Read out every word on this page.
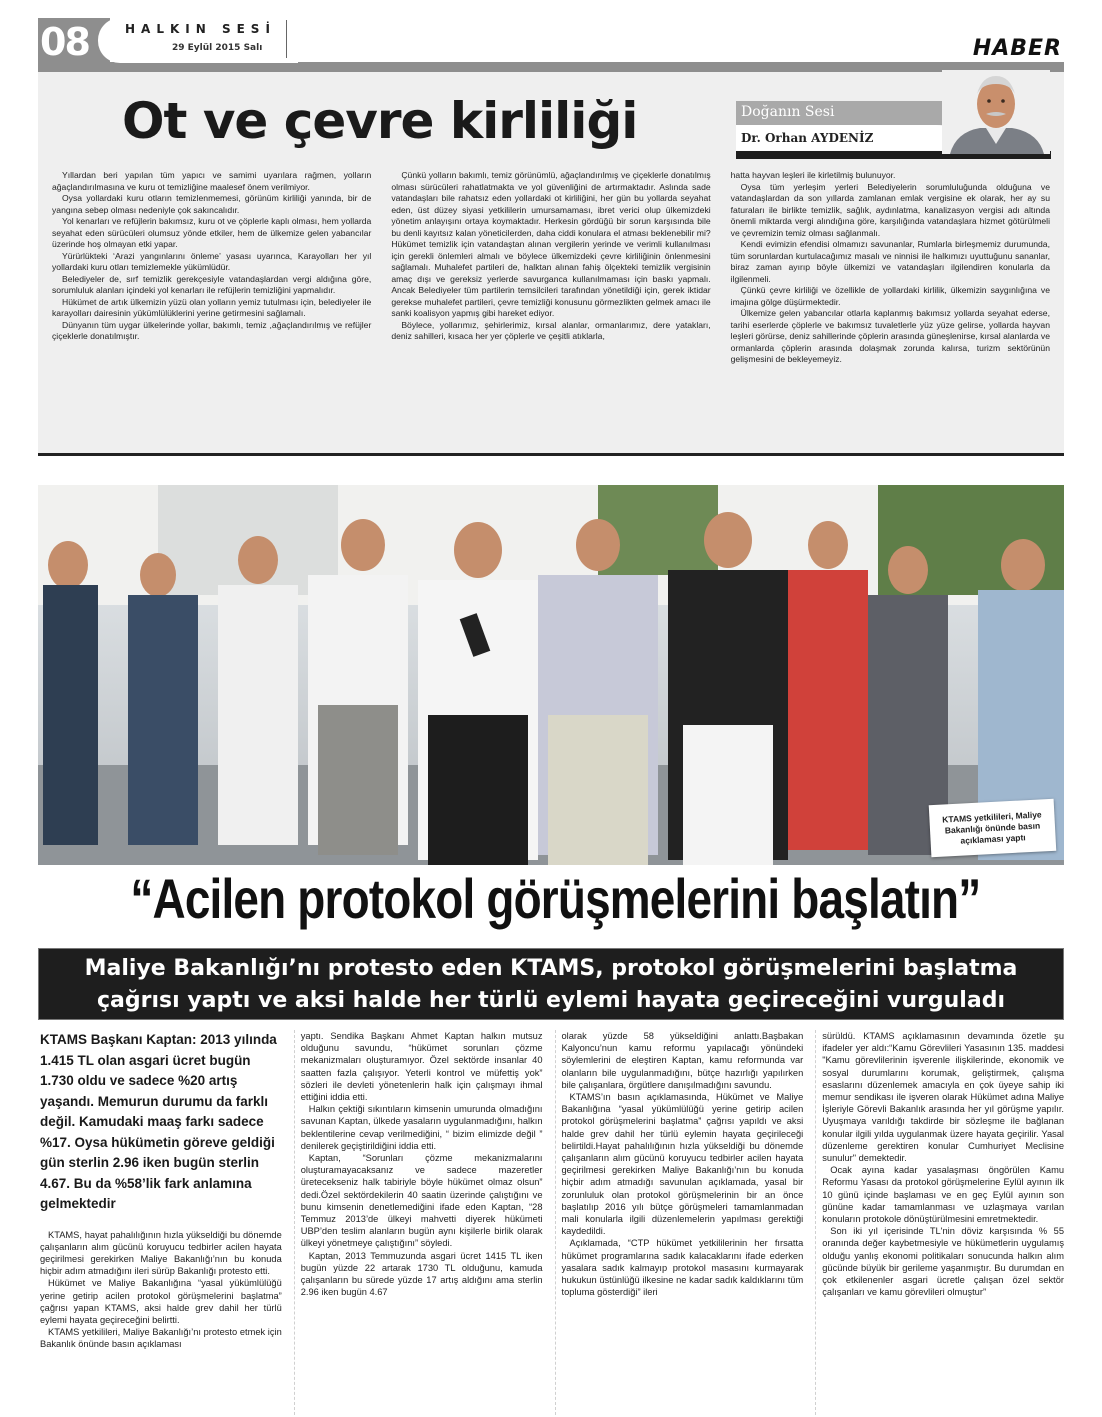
08	HALKIN SESİ
29 Eylül 2015 Salı	HABER
Ot ve çevre kirliliği	Doğanın Sesi
Dr. Orhan AYDENİZ

Yıllardan beri yapılan tüm yapıcı ve samimi uyarılara rağmen, yolların ağaçlandırılmasına ve kuru ot temizliğine maalesef önem verilmiyor.

Oysa yollardaki kuru otların temizlenmemesi, görünüm kirliliği yanında, bir de yangına sebep olması nedeniyle çok sakıncalıdır.

Yol kenarları ve refüjlerin bakımsız, kuru ot ve çöplerle kaplı olması, hem yollarda seyahat eden sürücüleri olumsuz yönde etkiler, hem de ülkemize gelen yabancılar üzerinde hoş olmayan etki yapar.

Yürürlükteki ‘Arazi yangınlarını önleme’ yasası uyarınca, Karayolları her yıl yollardaki kuru otları temizlemekle yükümlüdür.

Belediyeler de, sırf temizlik gerekçesiyle vatandaşlardan vergi aldığına göre, sorumluluk alanları içindeki yol kenarları ile refüjlerin temizliğini yapmalıdır.

Hükümet de artık ülkemizin yüzü olan yolların yemiz tutulması için, belediyeler ile karayolları dairesinin yükümlülüklerini yerine getirmesini sağlamalı.

Dünyanın tüm uygar ülkelerinde yollar, bakımlı, temiz ,ağaçlandırılmış ve refüjler çiçeklerle donatılmıştır.

Çünkü yolların bakımlı, temiz görünümlü, ağaçlandırılmış ve çiçeklerle donatılmış olması sürücüleri rahatlatmakta ve yol güvenliğini de artırmaktadır. Aslında sade vatandaşları bile rahatsız eden yollardaki ot kirliliğini, her gün bu yollarda seyahat eden, üst düzey siyasi yetkililerin umursamaması, ibret verici olup ülkemizdeki yönetim anlayışını ortaya koymaktadır. Herkesin gördüğü bir sorun karşısında bile bu denli kayıtsız kalan yöneticilerden, daha ciddi konulara el atması beklenebilir mi? Hükümet temizlik için vatandaştan alınan vergilerin yerinde ve verimli kullanılması için gerekli önlemleri almalı ve böylece ülkemizdeki çevre kirliliğinin önlenmesini sağlamalı. Muhalefet partileri de, halktan alınan fahiş ölçekteki temizlik vergisinin amaç dışı ve gereksiz yerlerde savurganca kullanılmaması için baskı yapmalı. Ancak Belediyeler tüm partilerin temsilcileri tarafından yönetildiği için, gerek iktidar gerekse muhalefet partileri, çevre temizliği konusunu görmezlikten gelmek amacı ile sanki koalisyon yapmış gibi hareket ediyor.

Böylece, yollarımız, şehirlerimiz, kırsal alanlar, ormanlarımız, dere yatakları, deniz sahilleri, kısaca her yer çöplerle ve çeşitli atıklarla,

hatta hayvan leşleri ile kirletilmiş bulunuyor.

Oysa tüm yerleşim yerleri Belediyelerin sorumluluğunda olduğuna ve vatandaşlardan da son yıllarda zamlanan emlak vergisine ek olarak, her ay su faturaları ile birlikte temizlik, sağlık, aydınlatma, kanalizasyon vergisi adı altında önemli miktarda vergi alındığına göre, karşılığında vatandaşlara hizmet götürülmeli ve çevremizin temiz olması sağlanmalı.

Kendi evimizin efendisi olmamızı savunanlar, Rumlarla birleşmemiz durumunda, tüm sorunlardan kurtulacağımız masalı ve ninnisi ile halkımızı uyuttuğunu sananlar, biraz zaman ayırıp böyle ülkemizi ve vatandaşları ilgilendiren konularla da ilgilenmeli.

Çünkü çevre kirliliği ve özellikle de yollardaki kirlilik, ülkemizin saygınlığına ve imajına gölge düşürmektedir.

Ülkemize gelen yabancılar otlarla kaplanmış bakımsız yollarda seyahat ederse, tarihi eserlerde çöplerle ve bakımsız tuvaletlerle yüz yüze gelirse, yollarda hayvan leşleri görürse, deniz sahillerinde çöplerin arasında güneşlenirse, kırsal alanlarda ve ormanlarda çöplerin arasında dolaşmak zorunda kalırsa, turizm sektörünün gelişmesini de bekleyemeyiz.

KTAMS yetkilileri, Maliye Bakanlığı önünde basın açıklaması yaptı
“Acilen protokol görüşmelerini başlatın”
Maliye Bakanlığı’nı protesto eden KTAMS, protokol görüşmelerini başlatma
çağrısı yaptı ve aksi halde her türlü eylemi hayata geçireceğini vurguladı
KTAMS Başkanı Kaptan: 2013 yılında 1.415 TL olan asgari ücret bugün 1.730 oldu ve sadece %20 artış yaşandı. Memurun durumu da farklı değil. Kamudaki maaş farkı sadece %17. Oysa hükümetin göreve geldiği gün sterlin 2.96 iken bugün sterlin 4.67. Bu da %58’lik fark anlamına gelmektedir

KTAMS, hayat pahalılığının hızla yükseldiği bu dönemde çalışanların alım gücünü koruyucu tedbirler acilen hayata geçirilmesi gerekirken Maliye Bakanlığı’nın bu konuda hiçbir adım atmadığını ileri sürüp Bakanlığı protesto etti.

Hükümet ve Maliye Bakanlığına “yasal yükümlülüğü yerine getirip acilen protokol görüşmelerini başlatma” çağrısı yapan KTAMS, aksi halde grev dahil her türlü eylemi hayata geçireceğini belirtti.

KTAMS yetkilileri, Maliye Bakanlığı’nı protesto etmek için Bakanlık önünde basın açıklaması

yaptı. Sendika Başkanı Ahmet Kaptan halkın mutsuz olduğunu savundu, “hükümet sorunları çözme mekanizmaları oluşturamıyor. Özel sektörde insanlar 40 saatten fazla çalışıyor. Yeterli kontrol ve müfettiş yok” sözleri ile devleti yönetenlerin halk için çalışmayı ihmal ettiğini iddia etti.

Halkın çektiği sıkıntıların kimsenin umurunda olmadığını savunan Kaptan, ülkede yasaların uygulanmadığını, halkın beklentilerine cevap verilmediğini, “ bizim elimizde değil ” denilerek geçiştirildiğini iddia etti.

Kaptan, “Sorunları çözme mekanizmalarını oluşturamayacaksanız ve sadece mazeretler üretecekseniz halk tabiriyle böyle hükümet olmaz olsun” dedi.Özel sektördekilerin 40 saatin üzerinde çalıştığını ve bunu kimsenin denetlemediğini ifade eden Kaptan, “28 Temmuz 2013’de ülkeyi mahvetti diyerek hükümeti UBP’den teslim alanların bugün aynı kişilerle birlik olarak ülkeyi yönetmeye çalıştığını” söyledi.

Kaptan, 2013 Temmuzunda asgari ücret 1415 TL iken bugün yüzde 22 artarak 1730 TL olduğunu, kamuda çalışanların bu sürede yüzde 17 artış aldığını ama sterlin 2.96 iken bugün 4.67

olarak yüzde 58 yükseldiğini anlattı.Başbakan Kalyoncu’nun kamu reformu yapılacağı yönündeki söylemlerini de eleştiren Kaptan, kamu reformunda var olanların bile uygulanmadığını, bütçe hazırlığı yapılırken bile çalışanlara, örgütlere danışılmadığını savundu.

KTAMS’ın basın açıklamasında, Hükümet ve Maliye Bakanlığına “yasal yükümlülüğü yerine getirip acilen protokol görüşmelerini başlatma” çağrısı yapıldı ve aksi halde grev dahil her türlü eylemin hayata geçirileceği belirtildi.Hayat pahalılığının hızla yükseldiği bu dönemde çalışanların alım gücünü koruyucu tedbirler acilen hayata geçirilmesi gerekirken Maliye Bakanlığı’nın bu konuda hiçbir adım atmadığı savunulan açıklamada, yasal bir zorunluluk olan protokol görüşmelerinin bir an önce başlatılıp 2016 yılı bütçe görüşmeleri tamamlanmadan mali konularla ilgili düzenlemelerin yapılması gerektiği kaydedildi.

Açıklamada, “CTP hükümet yetkililerinin her fırsatta hükümet programlarına sadık kalacaklarını ifade ederken yasalara sadık kalmayıp protokol masasını kurmayarak hukukun üstünlüğü ilkesine ne kadar sadık kaldıklarını tüm topluma gösterdiği” ileri

sürüldü. KTAMS açıklamasının devamında özetle şu ifadeler yer aldı:“Kamu Görevlileri Yasasının 135. maddesi "Kamu görevlilerinin işverenle ilişkilerinde, ekonomik ve sosyal durumlarını korumak, geliştirmek, çalışma esaslarını düzenlemek amacıyla en çok üyeye sahip iki memur sendikası ile işveren olarak Hükümet adına Maliye İşleriyle Görevli Bakanlık arasında her yıl görüşme yapılır. Uyuşmaya varıldığı takdirde bir sözleşme ile bağlanan konular ilgili yılda uygulanmak üzere hayata geçirilir. Yasal düzenleme gerektiren konular Cumhuriyet Meclisine sunulur" demektedir.

Ocak ayına kadar yasalaşması öngörülen Kamu Reformu Yasası da protokol görüşmelerine Eylül ayının ilk 10 günü içinde başlaması ve en geç Eylül ayının son gününe kadar tamamlanması ve uzlaşmaya varılan konuların protokole dönüştürülmesini emretmektedir.

Son iki yıl içerisinde TL'nin döviz karşısında % 55 oranında değer kaybetmesiyle ve hükümetlerin uygulamış olduğu yanlış ekonomi politikaları sonucunda halkın alım gücünde büyük bir gerileme yaşanmıştır. Bu durumdan en çok etkilenenler asgari ücretle çalışan özel sektör çalışanları ve kamu görevlileri olmuştur”
